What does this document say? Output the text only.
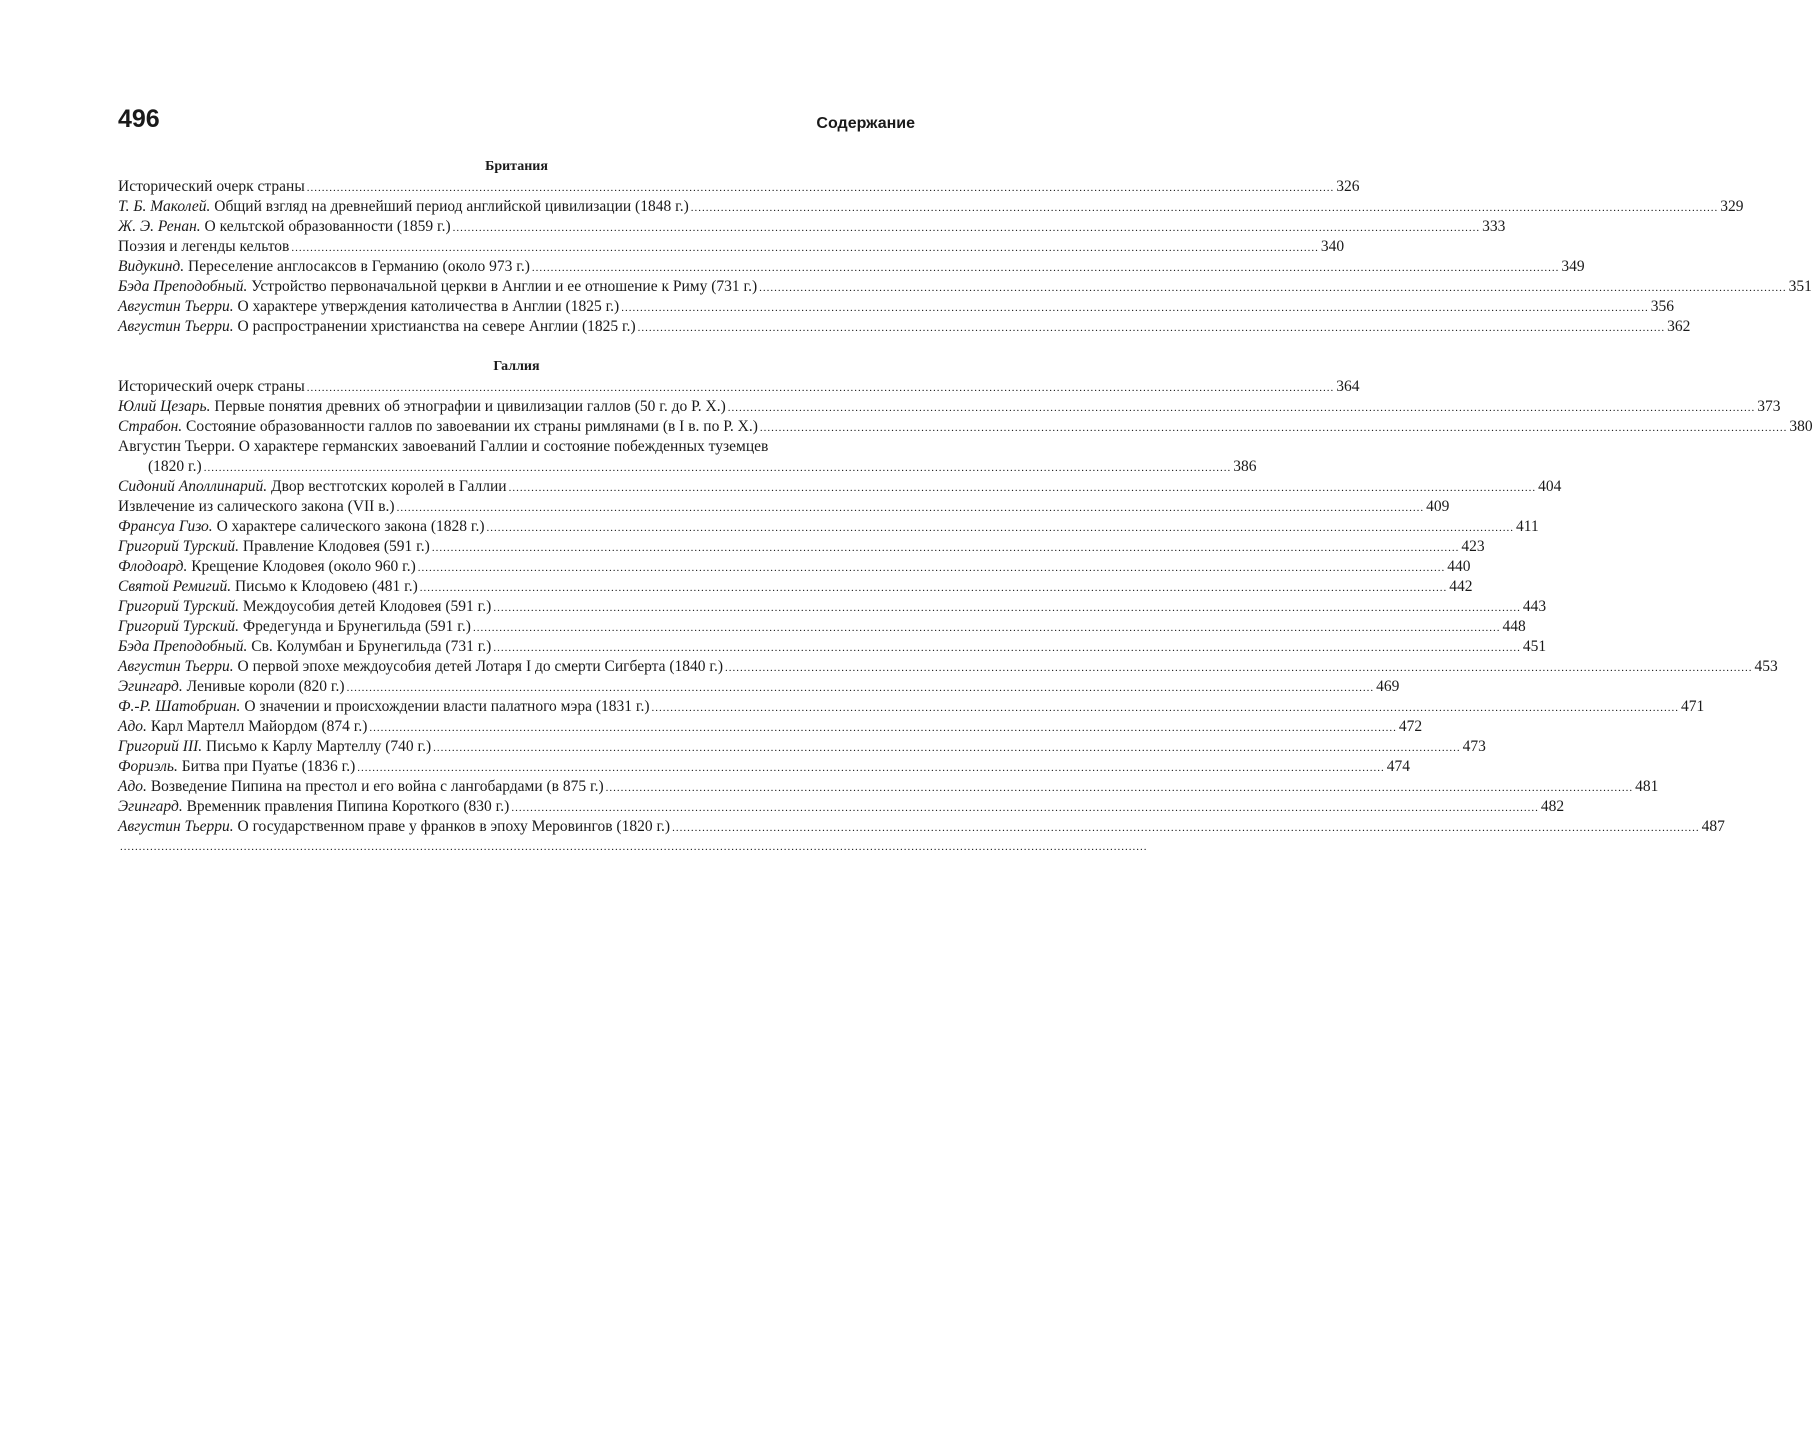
496	Содержание
Британия
Исторический очерк страны .....	326
Т. Б. Маколей. Общий взгляд на древнейший период английской цивилизации (1848 г.) .....	329
Ж. Э. Ренан. О кельтской образованности (1859 г.) .....	333
Поэзия и легенды кельтов .....	340
Видукинд. Переселение англосаксов в Германию (около 973 г.) .....	349
Бэда Преподобный. Устройство первоначальной церкви в Англии и ее отношение к Риму (731 г.) .....	351
Августин Тьерри. О характере утверждения католичества в Англии (1825 г.) .....	356
Августин Тьерри. О распространении христианства на севере Англии (1825 г.) .....	362
Галлия
Исторический очерк страны .....	364
Юлий Цезарь. Первые понятия древних об этнографии и цивилизации галлов (50 г. до Р. Х.) .....	373
Страбон. Состояние образованности галлов по завоевании их страны римлянами (в I в. по Р. Х.) .....	380
Августин Тьерри. О характере германских завоеваний Галлии и состояние побежденных туземцев
(1820 г.) .....	386
Сидоний Аполлинарий. Двор вестготских королей в Галлии .....	404
Извлечение из салического закона (VII в.) .....	409
Франсуа Гизо. О характере салического закона (1828 г.) .....	411
Григорий Турский. Правление Клодовея (591 г.) .....	423
Флодоард. Крещение Клодовея (около 960 г.) .....	440
Святой Ремигий. Письмо к Клодовею (481 г.) .....	442
Григорий Турский. Междоусобия детей Клодовея (591 г.) .....	443
Григорий Турский. Фредегунда и Брунегильда (591 г.) .....	448
Бэда Преподобный. Св. Колумбан и Брунегильда (731 г.) .....	451
Августин Тьерри. О первой эпохе междоусобия детей Лотаря I до смерти Сигберта (1840 г.) .....	453
Эгингард. Ленивые короли (820 г.) .....	469
Ф.-Р. Шатобриан. О значении и происхождении власти палатного мэра (1831 г.) .....	471
Адо. Карл Мартелл Майордом (874 г.) .....	472
Григорий III. Письмо к Карлу Мартеллу (740 г.) .....	473
Фориэль. Битва при Пуатье (1836 г.) .....	474
Адо. Возведение Пипина на престол и его война с лангобардами (в 875 г.) .....	481
Эгингард. Временник правления Пипина Короткого (830 г.) .....	482
Августин Тьерри. О государственном праве у франков в эпоху Меровингов (1820 г.) .....	487
.....
